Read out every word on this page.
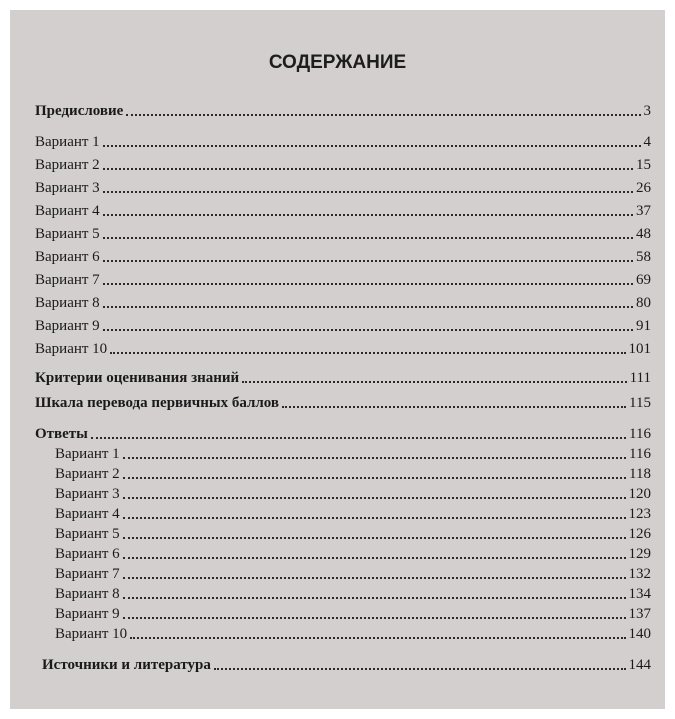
СОДЕРЖАНИЕ
Предисловие	3
Вариант 1	4
Вариант 2	15
Вариант 3	26
Вариант 4	37
Вариант 5	48
Вариант 6	58
Вариант 7	69
Вариант 8	80
Вариант 9	91
Вариант 10	101
Критерии оценивания знаний	111
Шкала перевода первичных баллов	115
Ответы	116
Вариант 1	116
Вариант 2	118
Вариант 3	120
Вариант 4	123
Вариант 5	126
Вариант 6	129
Вариант 7	132
Вариант 8	134
Вариант 9	137
Вариант 10	140
Источники и литература	144
